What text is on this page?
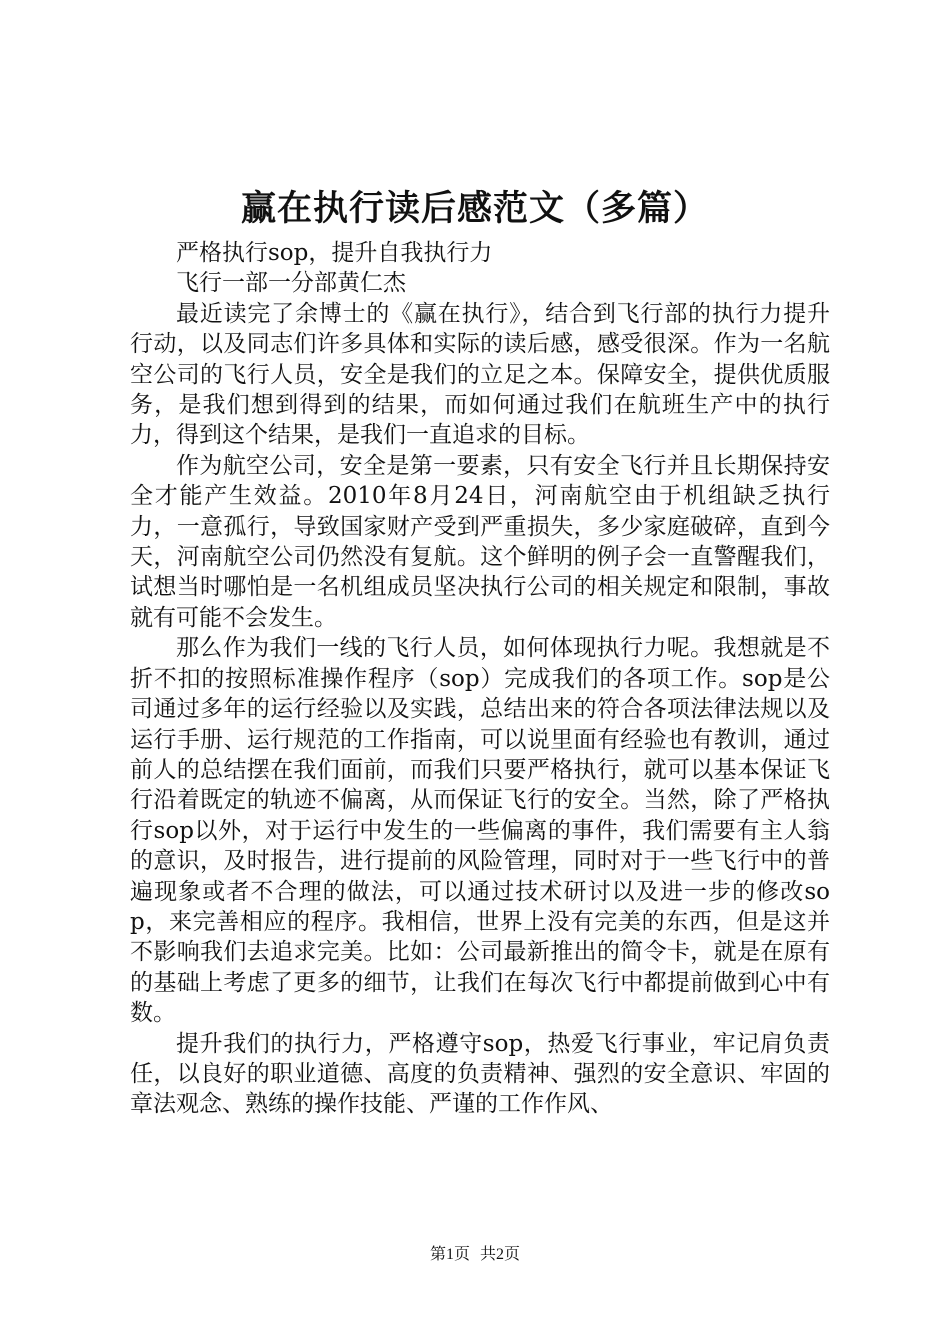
赢在执行读后感范文（多篇）

严格执行sop，提升自我执行力

飞行一部一分部黄仁杰

最近读完了余博士的《赢在执行》，结合到飞行部的执行力提升行动，以及同志们许多具体和实际的读后感，感受很深。作为一名航空公司的飞行人员，安全是我们的立足之本。保障安全，提供优质服务，是我们想到得到的结果，而如何通过我们在航班生产中的执行力，得到这个结果，是我们一直追求的目标。

作为航空公司，安全是第一要素，只有安全飞行并且长期保持安全才能产生效益。2010年8月24日，河南航空由于机组缺乏执行力，一意孤行，导致国家财产受到严重损失，多少家庭破碎，直到今天，河南航空公司仍然没有复航。这个鲜明的例子会一直警醒我们，试想当时哪怕是一名机组成员坚决执行公司的相关规定和限制，事故就有可能不会发生。

那么作为我们一线的飞行人员，如何体现执行力呢。我想就是不折不扣的按照标准操作程序（sop）完成我们的各项工作。sop是公司通过多年的运行经验以及实践，总结出来的符合各项法律法规以及运行手册、运行规范的工作指南，可以说里面有经验也有教训，通过前人的总结摆在我们面前，而我们只要严格执行，就可以基本保证飞行沿着既定的轨迹不偏离，从而保证飞行的安全。当然，除了严格执行sop以外，对于运行中发生的一些偏离的事件，我们需要有主人翁的意识，及时报告，进行提前的风险管理，同时对于一些飞行中的普遍现象或者不合理的做法，可以通过技术研讨以及进一步的修改sop，来完善相应的程序。我相信，世界上没有完美的东西，但是这并不影响我们去追求完美。比如：公司最新推出的简令卡，就是在原有的基础上考虑了更多的细节，让我们在每次飞行中都提前做到心中有数。

提升我们的执行力，严格遵守sop，热爱飞行事业，牢记肩负责任，以良好的职业道德、高度的负责精神、强烈的安全意识、牢固的章法观念、熟练的操作技能、严谨的工作作风、

第1页 共2页
